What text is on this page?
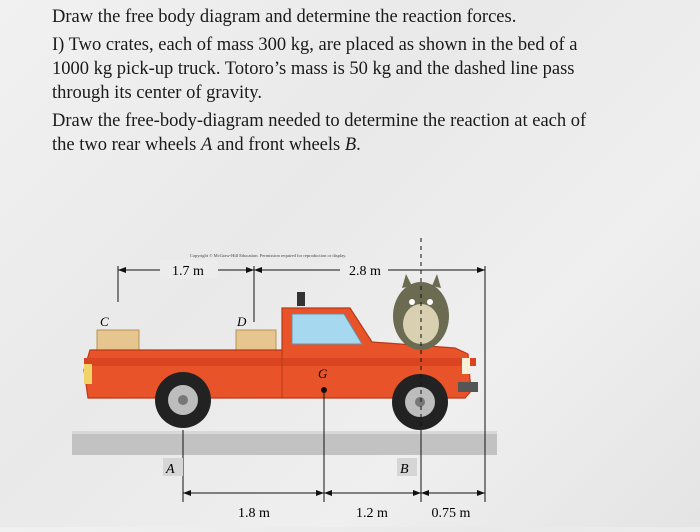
Draw the free body diagram and determine the reaction forces.

I) Two crates, each of mass 300 kg, are placed as shown in the bed of a
1000 kg pick-up truck. Totoro’s mass is 50 kg and the dashed line pass
through its center of gravity.
Draw the free-body-diagram needed to determine the reaction at each of
the two rear wheels A and front wheels B.
Copyright © McGraw-Hill Education. Permission required for reproduction or display.
1.7 m	2.8 m
C	D
G
A	B
1.8 m	1.2 m	0.75 m
